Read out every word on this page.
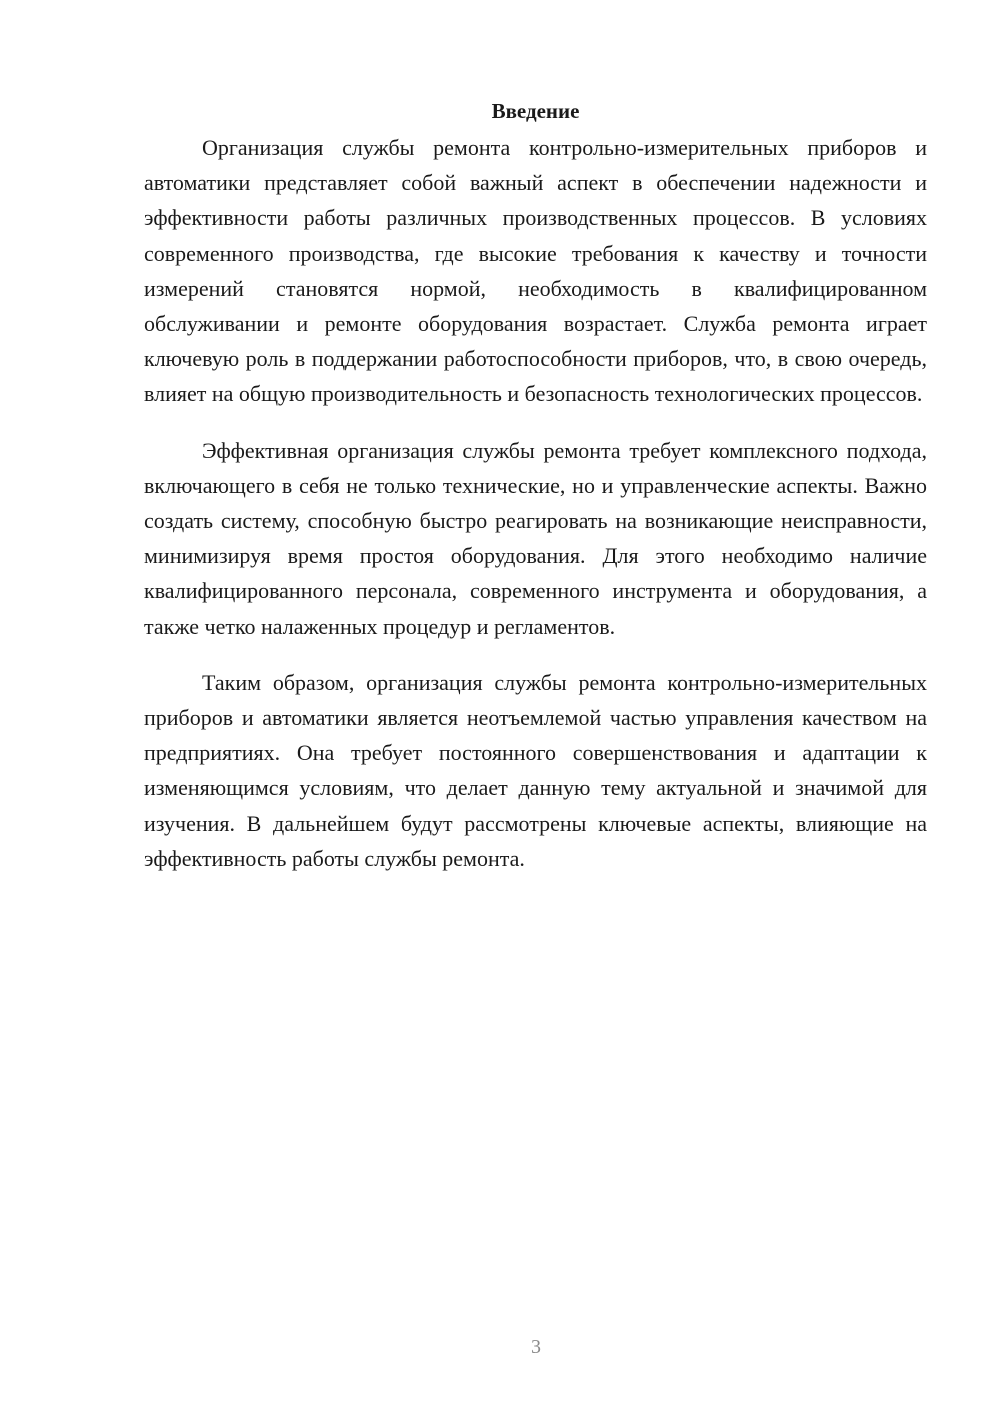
Введение

Организация службы ремонта контрольно-измерительных приборов и автоматики представляет собой важный аспект в обеспечении надежности и эффективности работы различных производственных процессов. В условиях современного производства, где высокие требования к качеству и точности измерений становятся нормой, необходимость в квалифицированном обслуживании и ремонте оборудования возрастает. Служба ремонта играет ключевую роль в поддержании работоспособности приборов, что, в свою очередь, влияет на общую производительность и безопасность технологических процессов.

Эффективная организация службы ремонта требует комплексного подхода, включающего в себя не только технические, но и управленческие аспекты. Важно создать систему, способную быстро реагировать на возникающие неисправности, минимизируя время простоя оборудования. Для этого необходимо наличие квалифицированного персонала, современного инструмента и оборудования, а также четко налаженных процедур и регламентов.

Таким образом, организация службы ремонта контрольно-измерительных приборов и автоматики является неотъемлемой частью управления качеством на предприятиях. Она требует постоянного совершенствования и адаптации к изменяющимся условиям, что делает данную тему актуальной и значимой для изучения. В дальнейшем будут рассмотрены ключевые аспекты, влияющие на эффективность работы службы ремонта.

3
